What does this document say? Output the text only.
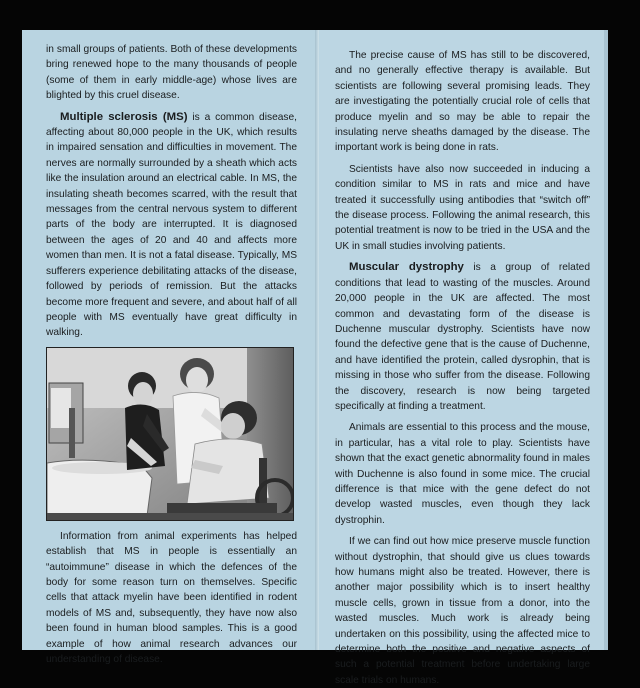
in small groups of patients. Both of these developments bring renewed hope to the many thousands of people (some of them in early middle-age) whose lives are blighted by this cruel disease.

Multiple sclerosis (MS) is a common disease, affecting about 80,000 people in the UK, which results in impaired sensation and difficulties in movement. The nerves are normally surrounded by a sheath which acts like the insulation around an electrical cable. In MS, the insulating sheath becomes scarred, with the result that messages from the central nervous system to different parts of the body are interrupted. It is diagnosed between the ages of 20 and 40 and affects more women than men. It is not a fatal disease. Typically, MS sufferers experience debilitating attacks of the disease, followed by periods of remission. But the attacks become more frequent and severe, and about half of all people with MS eventually have great difficulty in walking.

Information from animal experiments has helped establish that MS in people is essentially an “autoimmune” disease in which the defences of the body for some reason turn on themselves. Specific cells that attack myelin have been identified in rodent models of MS and, subsequently, they have now also been found in human blood samples. This is a good example of how animal research advances our understanding of disease.

The precise cause of MS has still to be discovered, and no generally effective therapy is available. But scientists are following several promising leads. They are investigating the potentially crucial role of cells that produce myelin and so may be able to repair the insulating nerve sheaths damaged by the disease. The important work is being done in rats.

Scientists have also now succeeded in inducing a condition similar to MS in rats and mice and have treated it successfully using antibodies that “switch off” the disease process. Following the animal research, this potential treatment is now to be tried in the USA and the UK in small studies involving patients.

Muscular dystrophy is a group of related conditions that lead to wasting of the muscles. Around 20,000 people in the UK are affected. The most common and devastating form of the disease is Duchenne muscular dystrophy. Scientists have now found the defective gene that is the cause of Duchenne, and have identified the protein, called dysrophin, that is missing in those who suffer from the disease. Following the discovery, research is now being targeted specifically at finding a treatment.

Animals are essential to this process and the mouse, in particular, has a vital role to play. Scientists have shown that the exact genetic abnormality found in males with Duchenne is also found in some mice. The crucial difference is that mice with the gene defect do not develop wasted muscles, even though they lack dystrophin.

If we can find out how mice preserve muscle function without dystrophin, that should give us clues towards how humans might also be treated. However, there is another major possibility which is to insert healthy muscle cells, grown in tissue from a donor, into the wasted muscles. Much work is already being undertaken on this possibility, using the affected mice to determine both the positive and negative aspects of such a potential treatment before undertaking large scale trials on humans.
